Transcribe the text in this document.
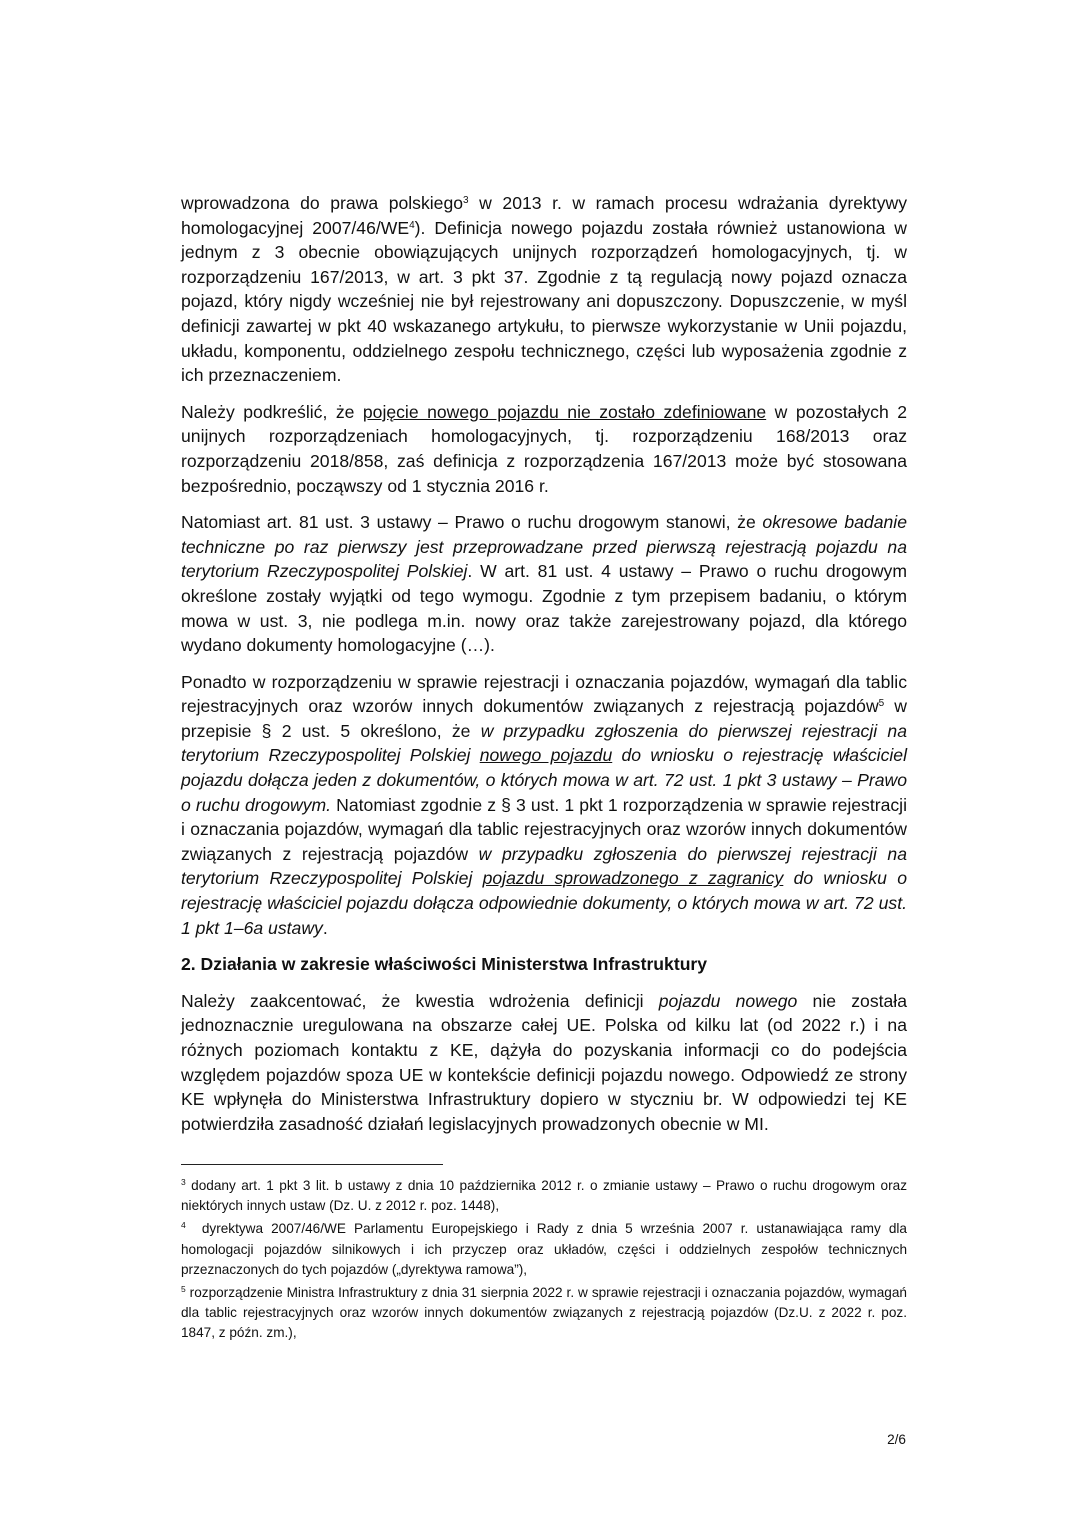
wprowadzona do prawa polskiego$^3$ w 2013 r. w ramach procesu wdrażania dyrektywy homologacyjnej $2007/46/WE^4$). Definicja nowego pojazdu została również ustanowiona w jednym z 3 obecnie obowiązujących unijnych rozporządzeń homologacyjnych, tj. w rozporządzeniu 167/2013, w art. 3 pkt 37. Zgodnie z tą regulacją nowy pojazd oznacza pojazd, który nigdy wcześniej nie był rejestrowany ani dopuszczony. Dopuszczenie, w myśl definicji zawartej w pkt 40 wskazanego artykułu, to pierwsze wykorzystanie w Unii pojazdu, układu, komponentu, oddzielnego zespołu technicznego, części lub wyposażenia zgodnie z ich przeznaczeniem.

Należy podkreślić, że pojęcie nowego pojazdu nie zostało zdefiniowane w pozostałych 2 unijnych rozporządzeniach homologacyjnych, tj. rozporządzeniu 168/2013 oraz rozporządzeniu 2018/858, zaś definicja z rozporządzenia 167/2013 może być stosowana bezpośrednio, począwszy od 1 stycznia 2016 r.

Natomiast art. 81 ust. 3 ustawy – Prawo o ruchu drogowym stanowi, że okresowe badanie techniczne po raz pierwszy jest przeprowadzane przed pierwszą rejestracją pojazdu na terytorium Rzeczypospolitej Polskiej. W art. 81 ust. 4 ustawy – Prawo o ruchu drogowym określone zostały wyjątki od tego wymogu. Zgodnie z tym przepisem badaniu, o którym mowa w ust. 3, nie podlega m.in. nowy oraz także zarejestrowany pojazd, dla którego wydano dokumenty homologacyjne (…).

Ponadto w rozporządzeniu w sprawie rejestracji i oznaczania pojazdów, wymagań dla tablic rejestracyjnych oraz wzorów innych dokumentów związanych z rejestracją pojazdów$^5$ w przepisie § 2 ust. 5 określono, że w przypadku zgłoszenia do pierwszej rejestracji na terytorium Rzeczypospolitej Polskiej nowego pojazdu do wniosku o rejestrację właściciel pojazdu dołącza jeden z dokumentów, o których mowa w art. 72 ust. 1 pkt 3 ustawy – Prawo o ruchu drogowym. Natomiast zgodnie z § 3 ust. 1 pkt 1 rozporządzenia w sprawie rejestracji i oznaczania pojazdów, wymagań dla tablic rejestracyjnych oraz wzorów innych dokumentów związanych z rejestracją pojazdów w przypadku zgłoszenia do pierwszej rejestracji na terytorium Rzeczypospolitej Polskiej pojazdu sprowadzonego z zagranicy do wniosku o rejestrację właściciel pojazdu dołącza odpowiednie dokumenty, o których mowa w art. 72 ust. 1 pkt 1–6a ustawy.

2. Działania w zakresie właściwości Ministerstwa Infrastruktury

Należy zaakcentować, że kwestia wdrożenia definicji pojazdu nowego nie została jednoznacznie uregulowana na obszarze całej UE. Polska od kilku lat (od 2022 r.) i na różnych poziomach kontaktu z KE, dążyła do pozyskania informacji co do podejścia względem pojazdów spoza UE w kontekście definicji pojazdu nowego. Odpowiedź ze strony KE wpłynęła do Ministerstwa Infrastruktury dopiero w styczniu br. W odpowiedzi tej KE potwierdziła zasadność działań legislacyjnych prowadzonych obecnie w MI.

$^3$ dodany art. 1 pkt 3 lit. b ustawy z dnia 10 października 2012 r. o zmianie ustawy – Prawo o ruchu drogowym oraz niektórych innych ustaw (Dz. U. z 2012 r. poz. 1448),

$^4$  dyrektywa 2007/46/WE Parlamentu Europejskiego i Rady z dnia 5 września 2007 r. ustanawiająca ramy dla homologacji pojazdów silnikowych i ich przyczep oraz układów, części i oddzielnych zespołów technicznych przeznaczonych do tych pojazdów („dyrektywa ramowa”),

$^5$ rozporządzenie Ministra Infrastruktury z dnia 31 sierpnia 2022 r. w sprawie rejestracji i oznaczania pojazdów, wymagań dla tablic rejestracyjnych oraz wzorów innych dokumentów związanych z rejestracją pojazdów (Dz.U. z 2022 r. poz. 1847, z późn. zm.),

2/6
